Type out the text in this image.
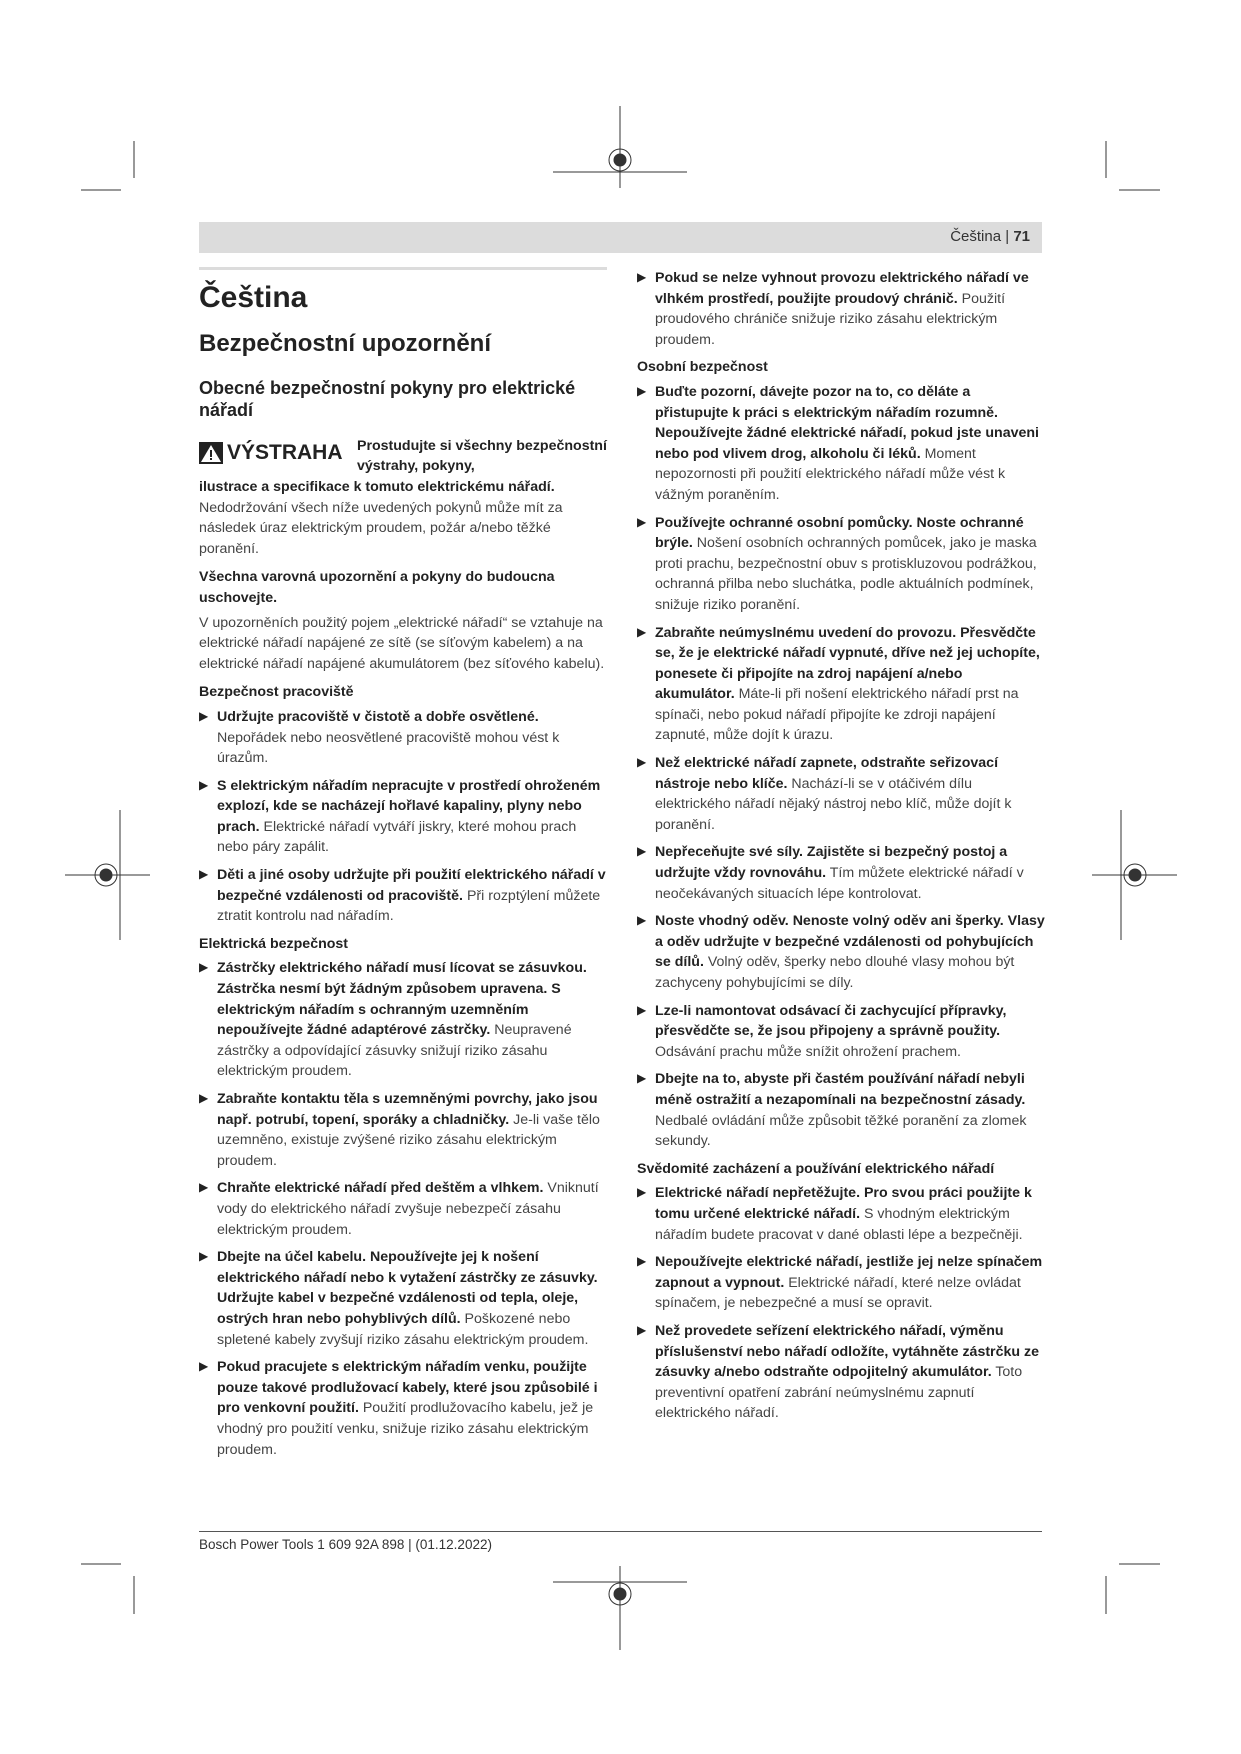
Čeština | 71
Čeština
Bezpečnostní upozornění
Obecné bezpečnostní pokyny pro elektrické nářadí
VÝSTRAHA Prostudujte si všechny bezpečnostní výstrahy, pokyny,
ilustrace a specifikace k tomuto elektrickému nářadí.

Nedodržování všech níže uvedených pokynů může mít za následek úraz elektrickým proudem, požár a/nebo těžké poranění.

Všechna varovná upozornění a pokyny do budoucna uschovejte.

V upozorněních použitý pojem „elektrické nářadí“ se vztahuje na elektrické nářadí napájené ze sítě (se síťovým kabelem) a na elektrické nářadí napájené akumulátorem (bez síťového kabelu).

Bezpečnost pracoviště
▶ Udržujte pracoviště v čistotě a dobře osvětlené. Nepořádek nebo neosvětlené pracoviště mohou vést k úrazům.
▶ S elektrickým nářadím nepracujte v prostředí ohroženém explozí, kde se nacházejí hořlavé kapaliny, plyny nebo prach. Elektrické nářadí vytváří jiskry, které mohou prach nebo páry zapálit.
▶ Děti a jiné osoby udržujte při použití elektrického nářadí v bezpečné vzdálenosti od pracoviště. Při rozptýlení můžete ztratit kontrolu nad nářadím.
Elektrická bezpečnost
▶ Zástrčky elektrického nářadí musí lícovat se zásuvkou. Zástrčka nesmí být žádným způsobem upravena. S elektrickým nářadím s ochranným uzemněním nepoužívejte žádné adaptérové zástrčky. Neupravené zástrčky a odpovídající zásuvky snižují riziko zásahu elektrickým proudem.
▶ Zabraňte kontaktu těla s uzemněnými povrchy, jako jsou např. potrubí, topení, sporáky a chladničky. Je-li vaše tělo uzemněno, existuje zvýšené riziko zásahu elektrickým proudem.
▶ Chraňte elektrické nářadí před deštěm a vlhkem. Vniknutí vody do elektrického nářadí zvyšuje nebezpečí zásahu elektrickým proudem.
▶ Dbejte na účel kabelu. Nepoužívejte jej k nošení elektrického nářadí nebo k vytažení zástrčky ze zásuvky. Udržujte kabel v bezpečné vzdálenosti od tepla, oleje, ostrých hran nebo pohyblivých dílů. Poškozené nebo spletené kabely zvyšují riziko zásahu elektrickým proudem.
▶ Pokud pracujete s elektrickým nářadím venku, použijte pouze takové prodlužovací kabely, které jsou způsobilé i pro venkovní použití. Použití prodlužovacího kabelu, jež je vhodný pro použití venku, snižuje riziko zásahu elektrickým proudem.
▶ Pokud se nelze vyhnout provozu elektrického nářadí ve vlhkém prostředí, použijte proudový chránič. Použití proudového chrániče snižuje riziko zásahu elektrickým proudem.
Osobní bezpečnost
▶ Buďte pozorní, dávejte pozor na to, co děláte a přistupujte k práci s elektrickým nářadím rozumně. Nepoužívejte žádné elektrické nářadí, pokud jste unaveni nebo pod vlivem drog, alkoholu či léků. Moment nepozornosti při použití elektrického nářadí může vést k vážným poraněním.
▶ Používejte ochranné osobní pomůcky. Noste ochranné brýle. Nošení osobních ochranných pomůcek, jako je maska proti prachu, bezpečnostní obuv s protiskluzovou podrážkou, ochranná přilba nebo sluchátka, podle aktuálních podmínek, snižuje riziko poranění.
▶ Zabraňte neúmyslnému uvedení do provozu. Přesvědčte se, že je elektrické nářadí vypnuté, dříve než jej uchopíte, ponesete či připojíte na zdroj napájení a/nebo akumulátor. Máte-li při nošení elektrického nářadí prst na spínači, nebo pokud nářadí připojíte ke zdroji napájení zapnuté, může dojít k úrazu.
▶ Než elektrické nářadí zapnete, odstraňte seřizovací nástroje nebo klíče. Nachází-li se v otáčivém dílu elektrického nářadí nějaký nástroj nebo klíč, může dojít k poranění.
▶ Nepřeceňujte své síly. Zajistěte si bezpečný postoj a udržujte vždy rovnováhu. Tím můžete elektrické nářadí v neočekávaných situacích lépe kontrolovat.
▶ Noste vhodný oděv. Nenoste volný oděv ani šperky. Vlasy a oděv udržujte v bezpečné vzdálenosti od pohybujících se dílů. Volný oděv, šperky nebo dlouhé vlasy mohou být zachyceny pohybujícími se díly.
▶ Lze-li namontovat odsávací či zachycující přípravky, přesvědčte se, že jsou připojeny a správně použity. Odsávání prachu může snížit ohrožení prachem.
▶ Dbejte na to, abyste při častém používání nářadí nebyli méně ostražití a nezapomínali na bezpečnostní zásady. Nedbalé ovládání může způsobit těžké poranění za zlomek sekundy.
Svědomité zacházení a používání elektrického nářadí
▶ Elektrické nářadí nepřetěžujte. Pro svou práci použijte k tomu určené elektrické nářadí. S vhodným elektrickým nářadím budete pracovat v dané oblasti lépe a bezpečněji.
▶ Nepoužívejte elektrické nářadí, jestliže jej nelze spínačem zapnout a vypnout. Elektrické nářadí, které nelze ovládat spínačem, je nebezpečné a musí se opravit.
▶ Než provedete seřízení elektrického nářadí, výměnu příslušenství nebo nářadí odložíte, vytáhněte zástrčku ze zásuvky a/nebo odstraňte odpojitelný akumulátor. Toto preventivní opatření zabrání neúmyslnému zapnutí elektrického nářadí.
Bosch Power Tools 1 609 92A 898 | (01.12.2022)
